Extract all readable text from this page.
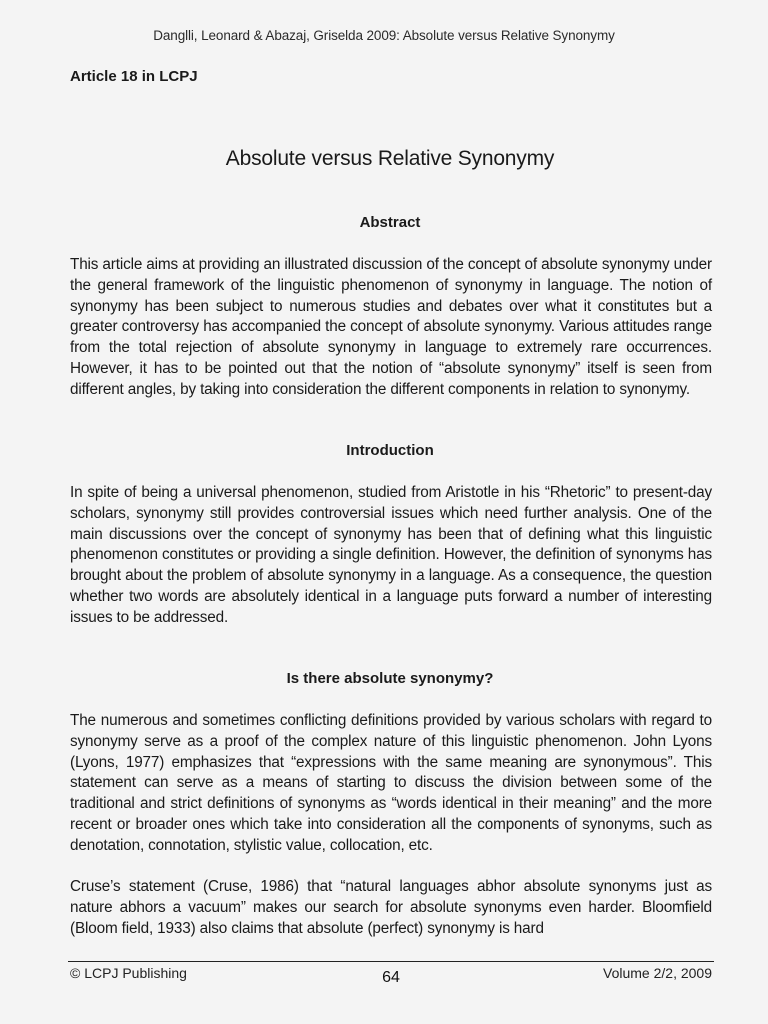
Danglli, Leonard & Abazaj, Griselda 2009: Absolute versus Relative Synonymy
Article 18 in LCPJ
Absolute versus Relative Synonymy
Abstract

This article aims at providing an illustrated discussion of the concept of absolute synonymy under the general framework of the linguistic phenomenon of synonymy in language. The notion of synonymy has been subject to numerous studies and debates over what it constitutes but a greater controversy has accompanied the concept of absolute synonymy. Various attitudes range from the total rejection of absolute synonymy in language to extremely rare occurrences. However, it has to be pointed out that the notion of “absolute synonymy” itself is seen from different angles, by taking into consideration the different components in relation to synonymy.

Introduction

In spite of being a universal phenomenon, studied from Aristotle in his “Rhetoric” to present-day scholars, synonymy still provides controversial issues which need further analysis. One of the main discussions over the concept of synonymy has been that of defining what this linguistic phenomenon constitutes or providing a single definition. However, the definition of synonyms has brought about the problem of absolute synonymy in a language. As a consequence, the question whether two words are absolutely identical in a language puts forward a number of interesting issues to be addressed.

Is there absolute synonymy?

The numerous and sometimes conflicting definitions provided by various scholars with regard to synonymy serve as a proof of the complex nature of this linguistic phenomenon. John Lyons (Lyons, 1977) emphasizes that “expressions with the same meaning are synonymous”. This statement can serve as a means of starting to discuss the division between some of the traditional and strict definitions of synonyms as “words identical in their meaning” and the more recent or broader ones which take into consideration all the components of synonyms, such as denotation, connotation, stylistic value, collocation, etc.

Cruse’s statement (Cruse, 1986) that “natural languages abhor absolute synonyms just as nature abhors a vacuum” makes our search for absolute synonyms even harder. Bloomfield (Bloom field, 1933) also claims that absolute (perfect) synonymy is hard

© LCPJ Publishing	64	Volume 2/2, 2009
